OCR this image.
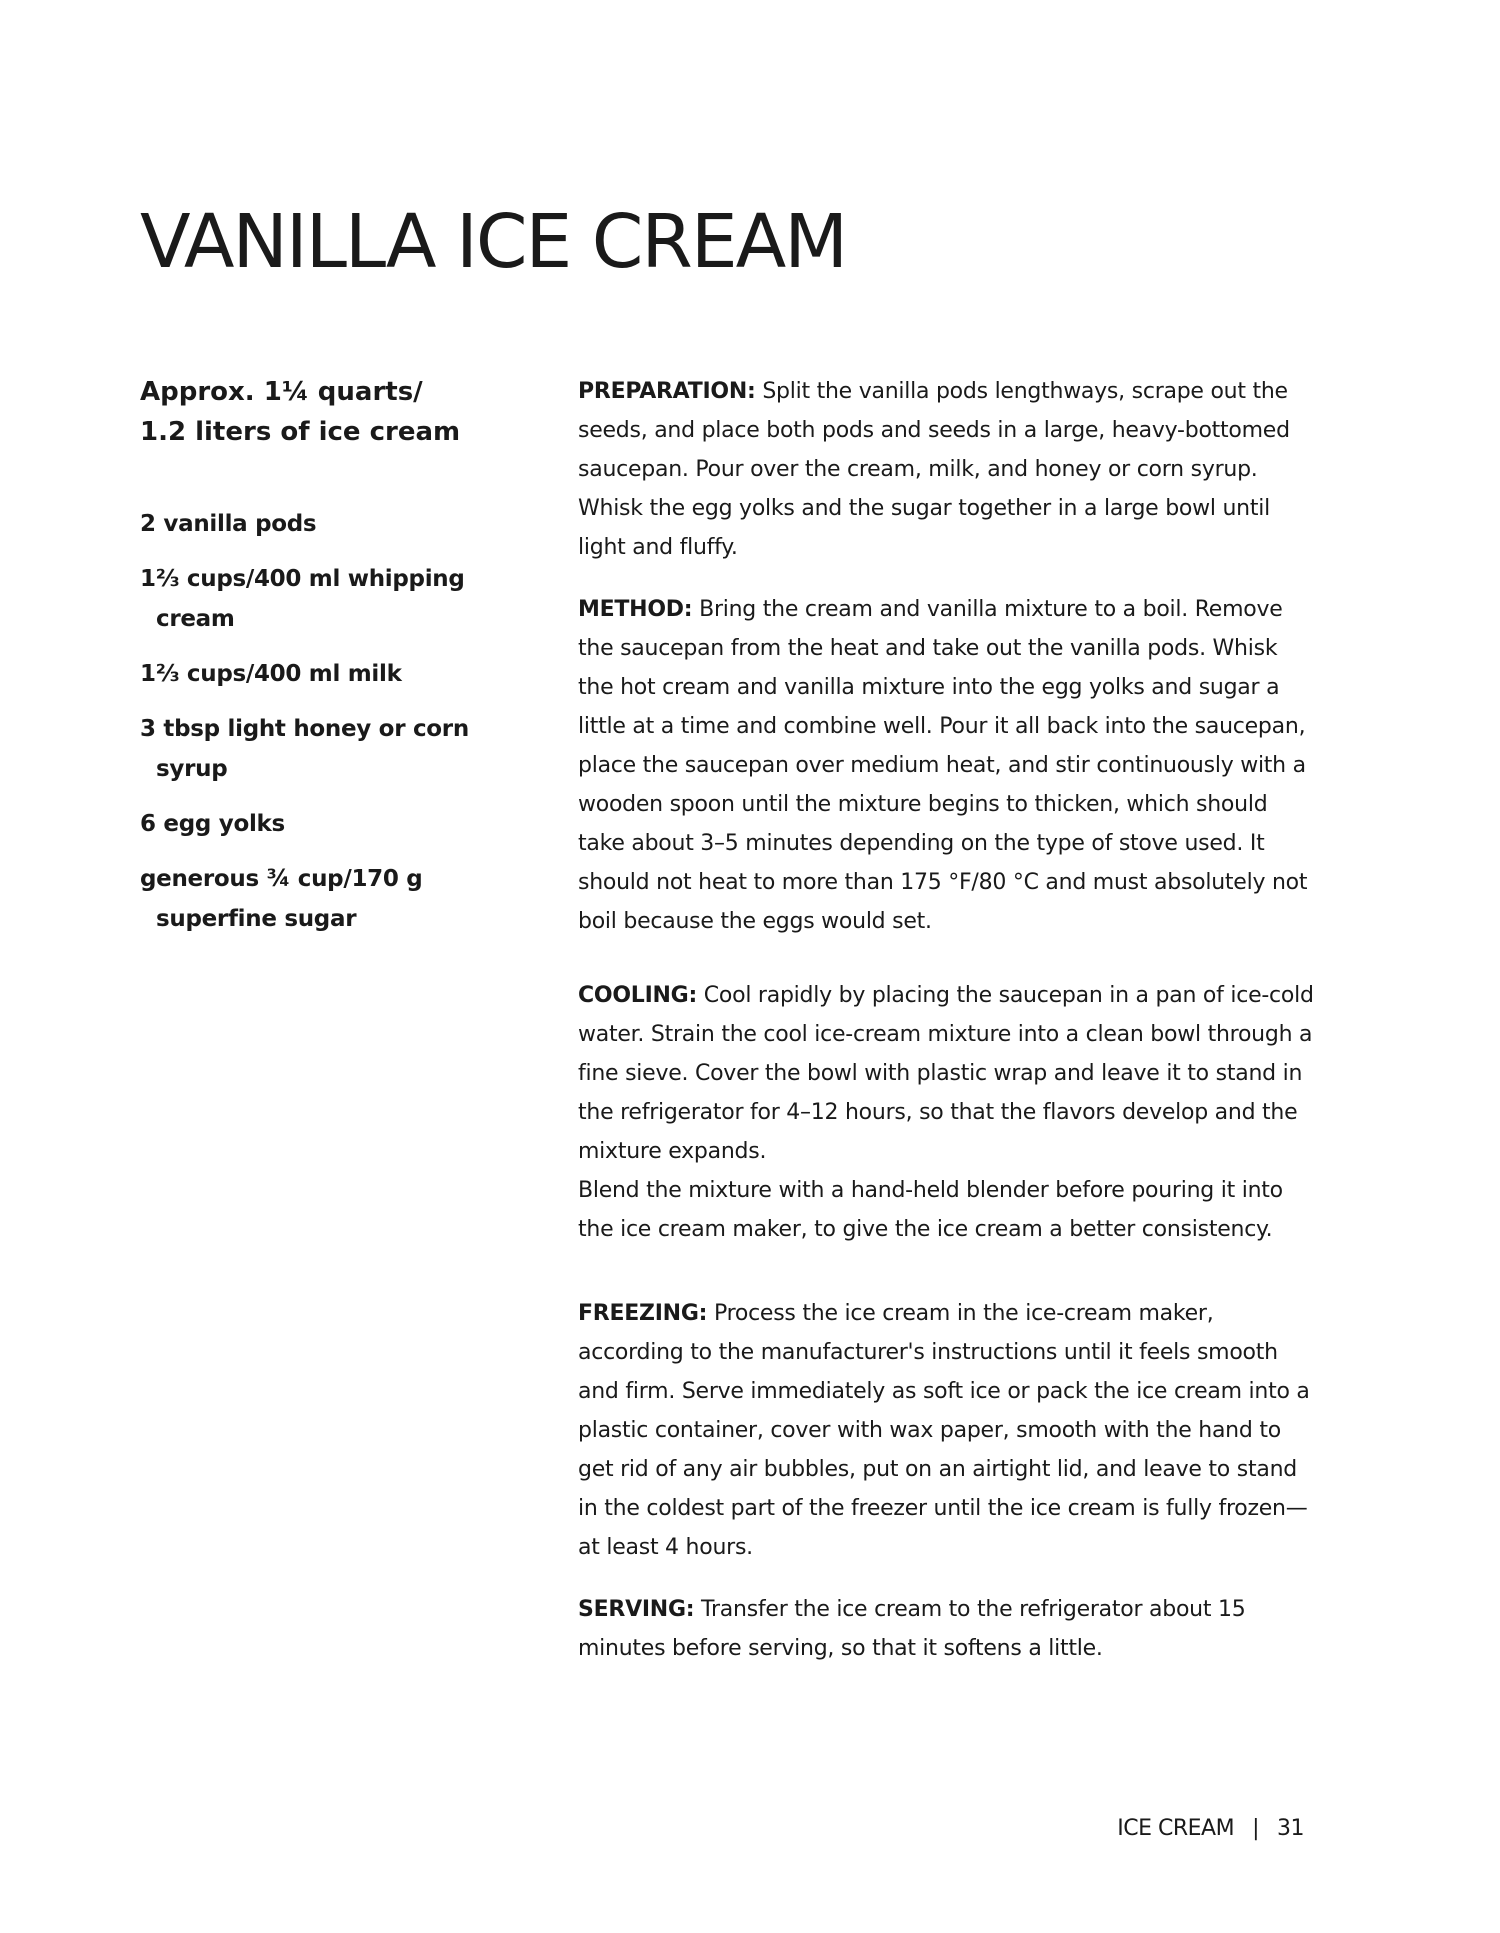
VANILLA ICE CREAM

Approx. 1¼ quarts/
1.2 liters of ice cream

2 vanilla pods
1⅔ cups/400 ml whipping cream
1⅔ cups/400 ml milk
3 tbsp light honey or corn syrup
6 egg yolks
generous ¾ cup/170 g superfine sugar

PREPARATION: Split the vanilla pods lengthways, scrape out the seeds, and place both pods and seeds in a large, heavy-bottomed saucepan. Pour over the cream, milk, and honey or corn syrup. Whisk the egg yolks and the sugar together in a large bowl until light and fluffy.

METHOD: Bring the cream and vanilla mixture to a boil. Remove the saucepan from the heat and take out the vanilla pods. Whisk the hot cream and vanilla mixture into the egg yolks and sugar a little at a time and combine well. Pour it all back into the saucepan, place the saucepan over medium heat, and stir continuously with a wooden spoon until the mixture begins to thicken, which should take about 3–5 minutes depending on the type of stove used. It should not heat to more than 175 °F/80 °C and must absolutely not boil because the eggs would set.

COOLING: Cool rapidly by placing the saucepan in a pan of ice-cold water. Strain the cool ice-cream mixture into a clean bowl through a fine sieve. Cover the bowl with plastic wrap and leave it to stand in the refrigerator for 4–12 hours, so that the flavors develop and the mixture expands.
Blend the mixture with a hand-held blender before pouring it into the ice cream maker, to give the ice cream a better consistency.

FREEZING: Process the ice cream in the ice-cream maker, according to the manufacturer's instructions until it feels smooth and firm. Serve immediately as soft ice or pack the ice cream into a plastic container, cover with wax paper, smooth with the hand to get rid of any air bubbles, put on an airtight lid, and leave to stand in the coldest part of the freezer until the ice cream is fully frozen—at least 4 hours.

SERVING: Transfer the ice cream to the refrigerator about 15 minutes before serving, so that it softens a little.

ICE CREAM | 31
